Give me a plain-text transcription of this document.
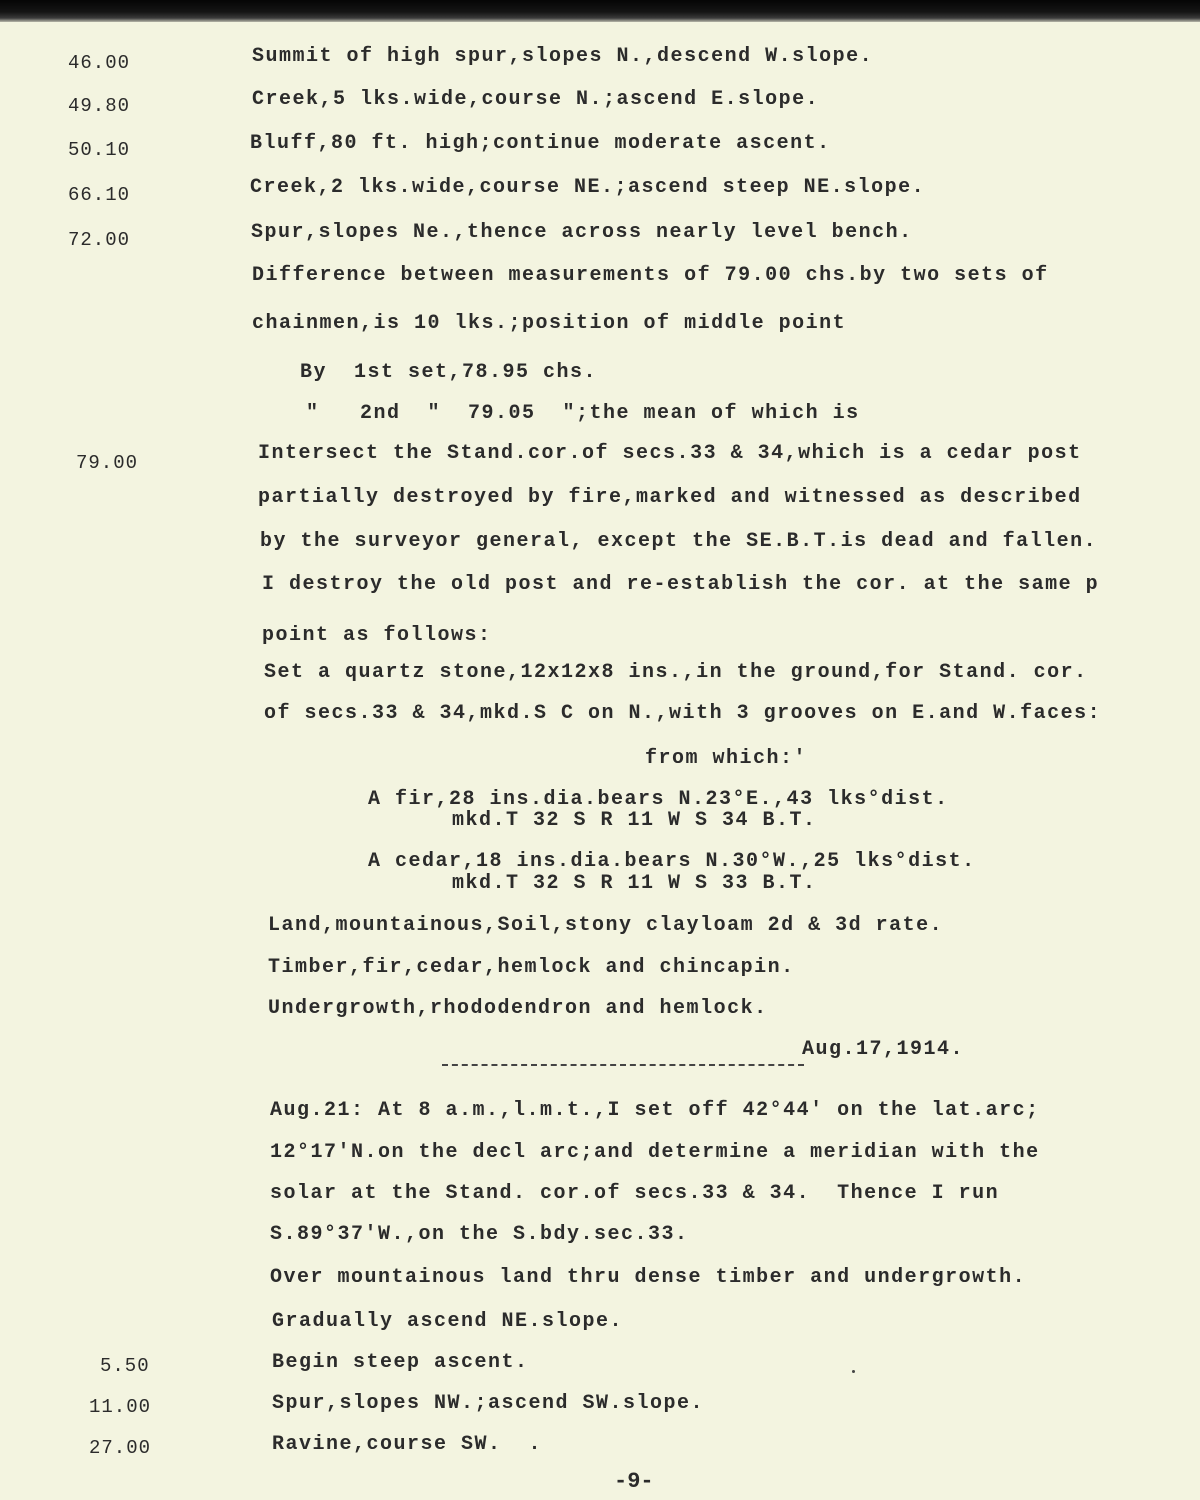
46.00	Summit of high spur,slopes N.,descend W.slope.
49.80	Creek,5 lks.wide,course N.;ascend E.slope.
50.10	Bluff,80 ft. high;continue moderate ascent.
66.10	Creek,2 lks.wide,course NE.;ascend steep NE.slope.
72.00	Spur,slopes Ne.,thence across nearly level bench.
Difference between measurements of 79.00 chs.by two sets of
chainmen,is 10 lks.;position of middle point
By  1st set,78.95 chs.
"   2nd  "  79.05  ";the mean of which is
79.00	Intersect the Stand.cor.of secs.33 & 34,which is a cedar post
partially destroyed by fire,marked and witnessed as described
by the surveyor general, except the SE.B.T.is dead and fallen.
I destroy the old post and re-establish the cor. at the same p
point as follows:
Set a quartz stone,12x12x8 ins.,in the ground,for Stand. cor.
of secs.33 & 34,mkd.S C on N.,with 3 grooves on E.and W.faces:
from which:'
A fir,28 ins.dia.bears N.23°E.,43 lks°dist.
mkd.T 32 S R 11 W S 34 B.T.
A cedar,18 ins.dia.bears N.30°W.,25 lks°dist.
mkd.T 32 S R 11 W S 33 B.T.
Land,mountainous,Soil,stony clayloam 2d & 3d rate.
Timber,fir,cedar,hemlock and chincapin.
Undergrowth,rhododendron and hemlock.
Aug.17,1914.
Aug.21: At 8 a.m.,l.m.t.,I set off 42°44' on the lat.arc;
12°17'N.on the decl arc;and determine a meridian with the
solar at the Stand. cor.of secs.33 & 34.  Thence I run
S.89°37'W.,on the S.bdy.sec.33.
Over mountainous land thru dense timber and undergrowth.
Gradually ascend NE.slope.
5.50	Begin steep ascent.
11.00	Spur,slopes NW.;ascend SW.slope.
27.00	Ravine,course SW.  .
-9-
